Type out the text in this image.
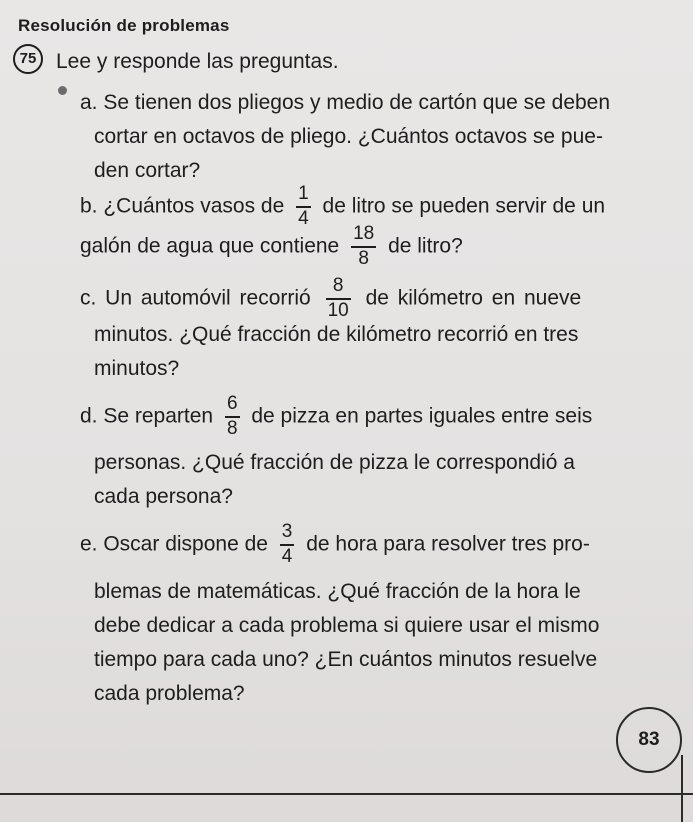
Resolución de problemas
75 Lee y responde las preguntas.
a. Se tienen dos pliegos y medio de cartón que se deben
cortar en octavos de pliego. ¿Cuántos octavos se pue-
den cortar?
b. ¿Cuántos vasos de $\frac{1}{4}$ de litro se pueden servir de un
galón de agua que contiene $\frac{18}{8}$ de litro?
c. Un automóvil recorrió $\frac{8}{10}$ de kilómetro en nueve
minutos. ¿Qué fracción de kilómetro recorrió en tres
minutos?
d. Se reparten $\frac{6}{8}$ de pizza en partes iguales entre seis
personas. ¿Qué fracción de pizza le correspondió a
cada persona?
e. Oscar dispone de $\frac{3}{4}$ de hora para resolver tres pro-
blemas de matemáticas. ¿Qué fracción de la hora le
debe dedicar a cada problema si quiere usar el mismo
tiempo para cada uno? ¿En cuántos minutos resuelve
cada problema?
83
